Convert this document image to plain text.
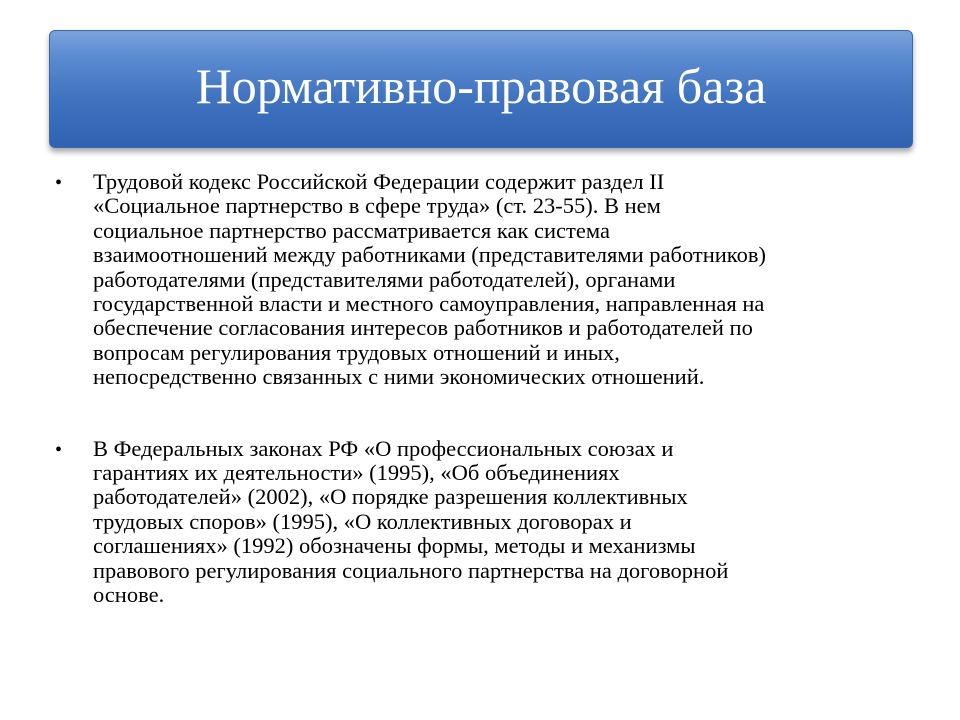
Нормативно-правовая база
• Трудовой кодекс Российской Федерации содержит раздел II
«Социальное партнерство в сфере труда» (ст. 23-55). В нем
социальное партнерство рассматривается как система
взаимоотношений между работниками (представителями работников)
работодателями (представителями работодателей), органами
государственной власти и местного самоуправления, направленная на
обеспечение согласования интересов работников и работодателей по
вопросам регулирования трудовых отношений и иных,
непосредственно связанных с ними экономических отношений.
• В Федеральных законах РФ «О профессиональных союзах и
гарантиях их деятельности» (1995), «Об объединениях
работодателей» (2002), «О порядке разрешения коллективных
трудовых споров» (1995), «О коллективных договорах и
соглашениях» (1992) обозначены формы, методы и механизмы
правового регулирования социального партнерства на договорной
основе.
